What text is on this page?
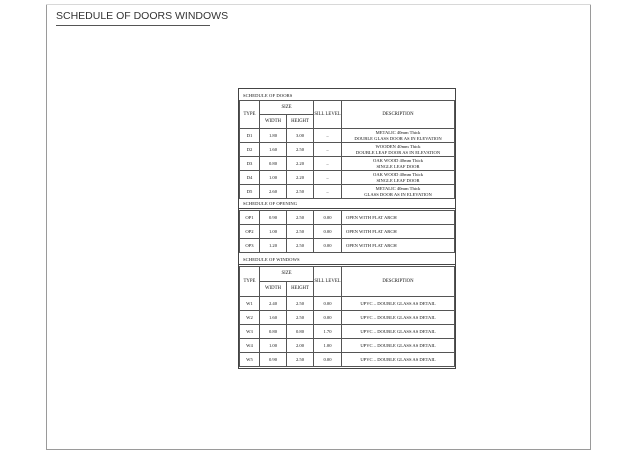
SCHEDULE OF DOORS WINDOWS
SCHEDULE OF DOORS
TYPE	SIZE		SILL LEVEL	DESCRIPTION
	WIDTH	HEIGHT		
D1	1.80	3.00	–	METALIC 40mm Thick
DOUBLE GLASS DOOR AS IN ELEVATION

D2	1.60	2.50	–	WOODEN 40mm Thick
DOUBLE LEAF DOOR AS IN ELEVATION

D3	0.80	2.20	–	OAK WOOD 40mm Thick
SINGLE LEAF DOOR

D4	1.00	2.20	–	OAK WOOD 40mm Thick
SINGLE LEAF DOOR

D5	2.60	2.50	–	METALIC 40mm Thick
GLASS DOOR AS IN ELEVATION
SCHEDULE OF OPENING
OP1	0.90	2.50	0.00	OPEN WITH FLAT ARCH
OP2	1.00	2.50	0.00	OPEN WITH FLAT ARCH
OP3	1.20	2.50	0.00	OPEN WITH FLAT ARCH
SCHEDULE OF WINDOWS
TYPE	SIZE		SILL LEVEL	DESCRIPTION
	WIDTH	HEIGHT		
W1	2.40	2.50	0.00	UPVC – DOUBLE GLASS AS DETAIL
W2	1.60	2.50	0.00	UPVC – DOUBLE GLASS AS DETAIL
W3	0.80	0.80	1.70	UPVC – DOUBLE GLASS AS DETAIL
W4	1.00	2.00	1.00	UPVC – DOUBLE GLASS AS DETAIL
W5	0.90	2.50	0.00	UPVC – DOUBLE GLASS AS DETAIL
